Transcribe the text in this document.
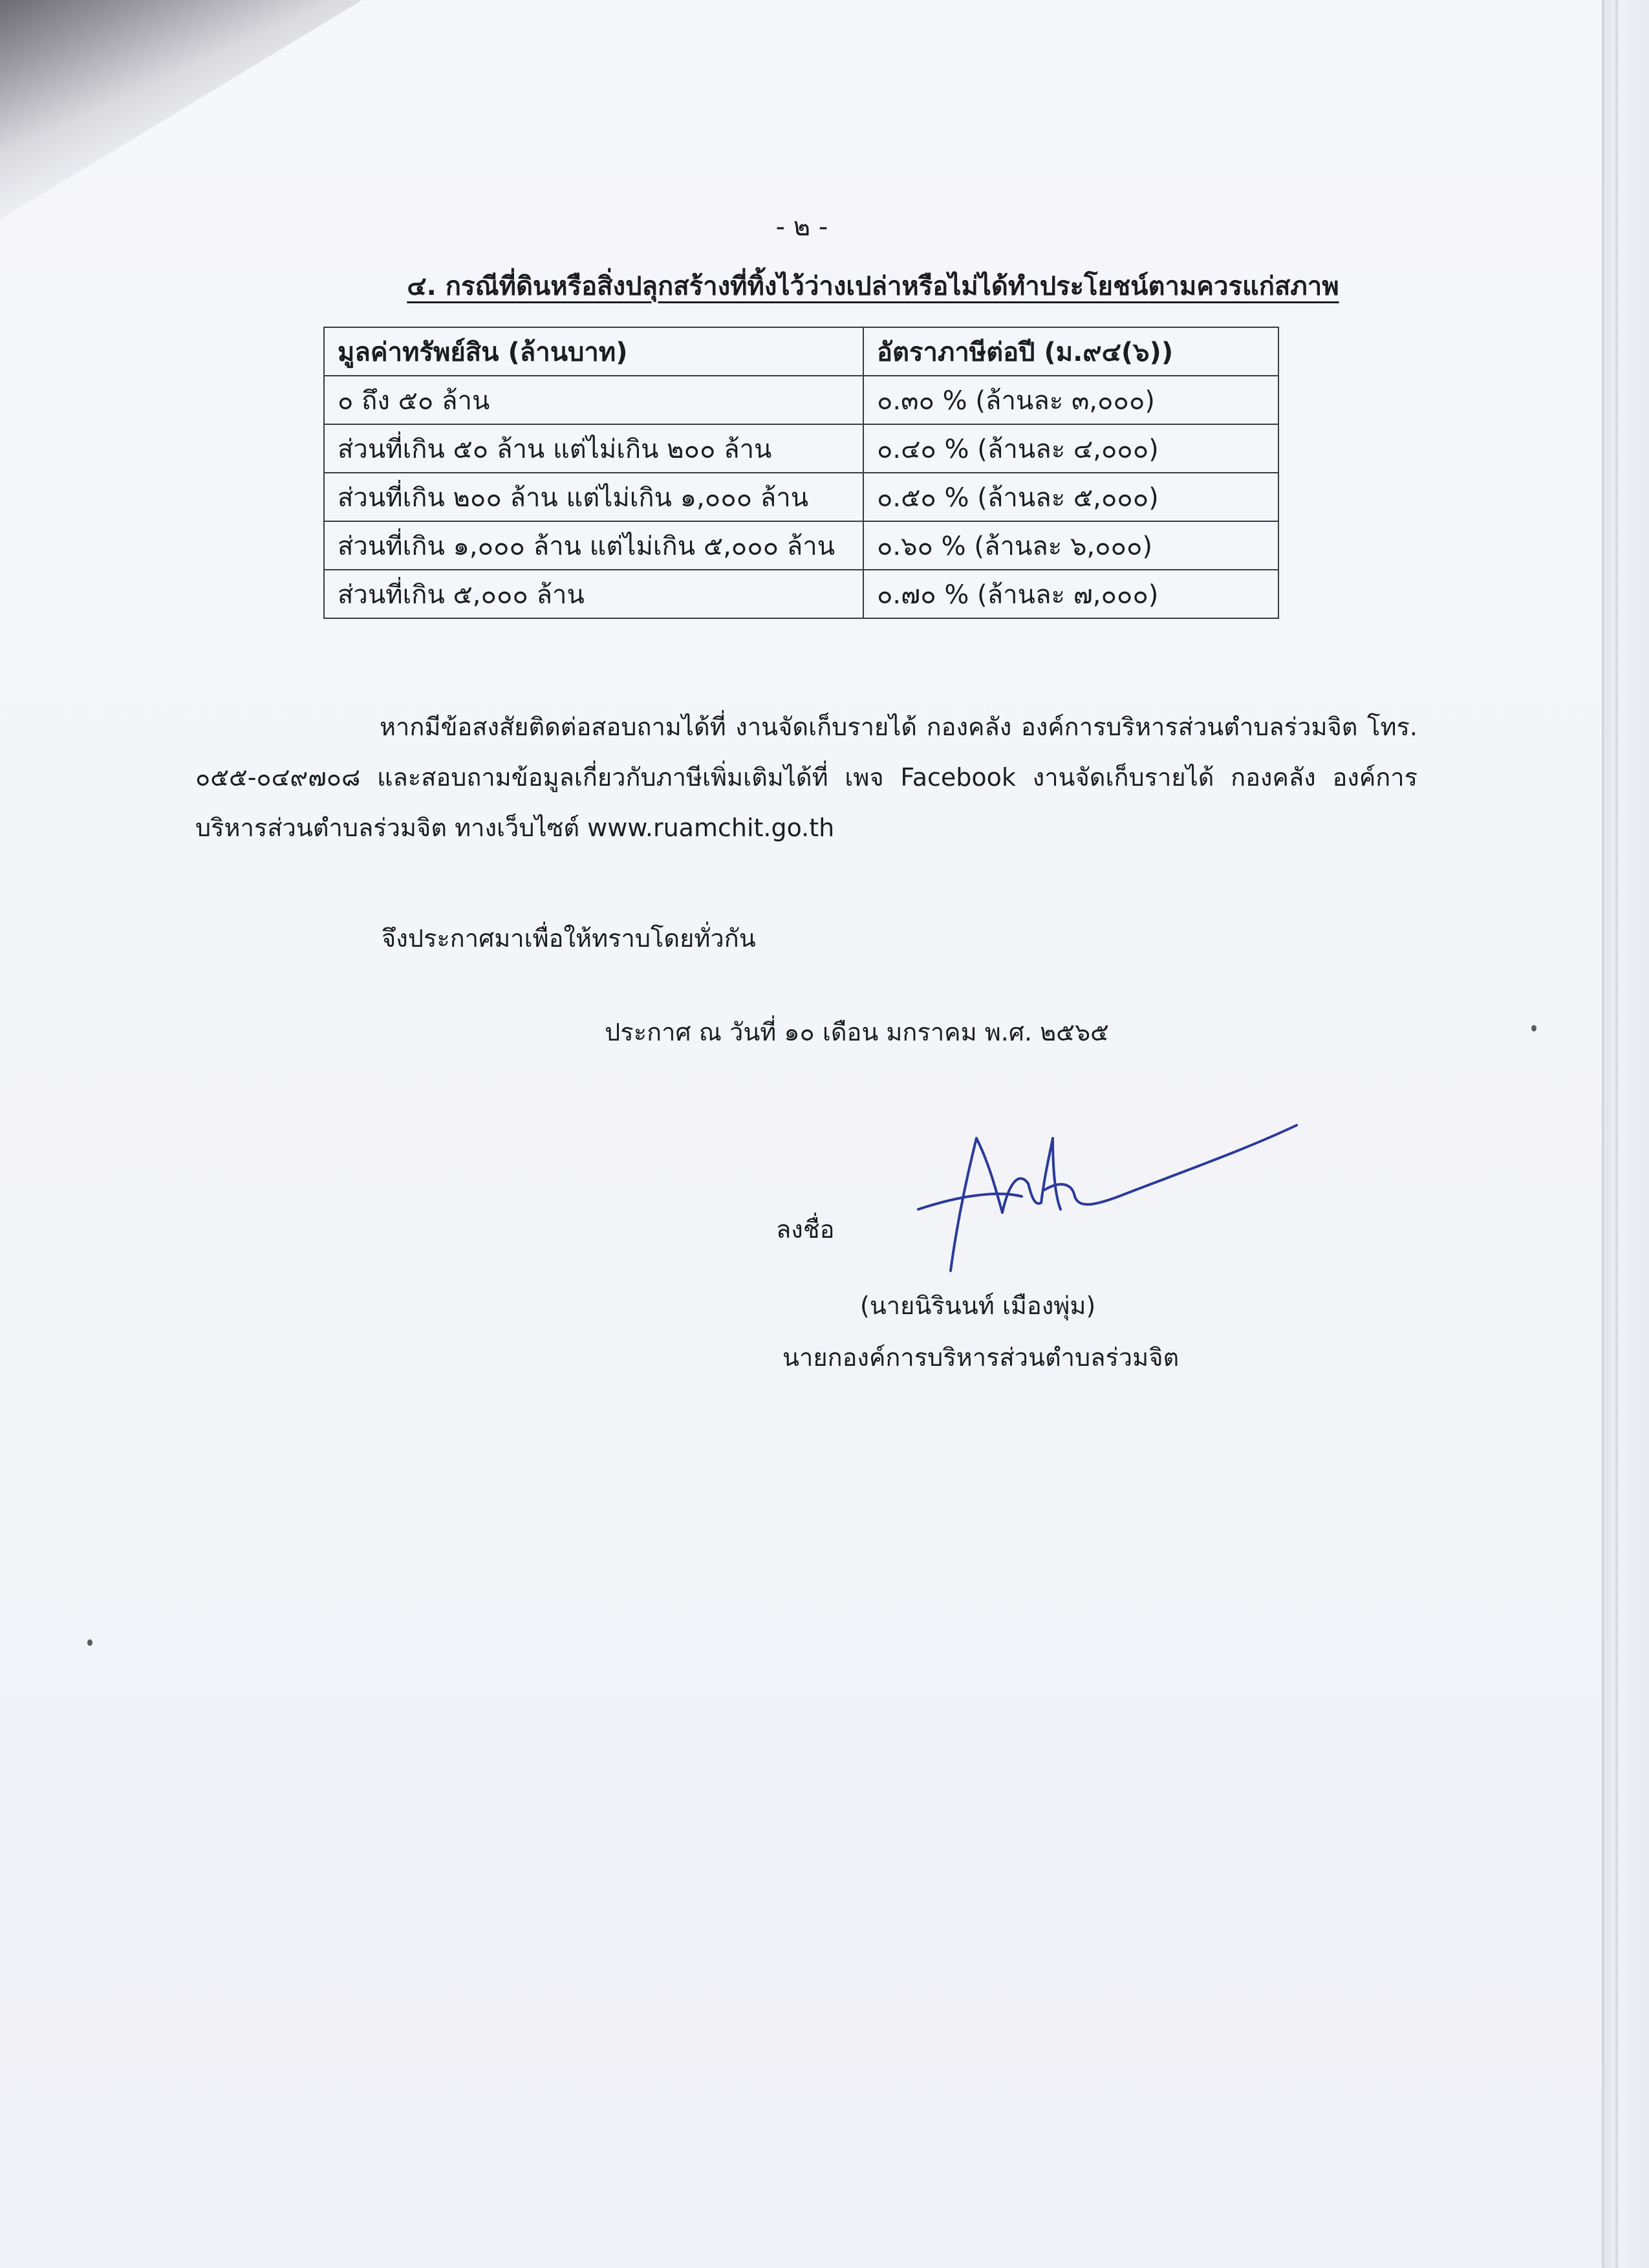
- ๒ -
๔. กรณีที่ดินหรือสิ่งปลุกสร้างที่ทิ้งไว้ว่างเปล่าหรือไม่ได้ทำประโยชน์ตามควรแก่สภาพ
มูลค่าทรัพย์สิน (ล้านบาท)	อัตราภาษีต่อปี (ม.๙๔(๖))
๐ ถึง ๕๐ ล้าน	๐.๓๐ % (ล้านละ ๓,๐๐๐)
ส่วนที่เกิน ๕๐ ล้าน แต่ไม่เกิน ๒๐๐ ล้าน	๐.๔๐ % (ล้านละ ๔,๐๐๐)
ส่วนที่เกิน ๒๐๐ ล้าน แต่ไม่เกิน ๑,๐๐๐ ล้าน	๐.๕๐ % (ล้านละ ๕,๐๐๐)
ส่วนที่เกิน ๑,๐๐๐ ล้าน แต่ไม่เกิน ๕,๐๐๐ ล้าน	๐.๖๐ % (ล้านละ ๖,๐๐๐)
ส่วนที่เกิน ๕,๐๐๐ ล้าน	๐.๗๐ % (ล้านละ ๗,๐๐๐)
หากมีข้อสงสัยติดต่อสอบถามได้ที่ งานจัดเก็บรายได้ กองคลัง องค์การบริหารส่วนตำบลร่วมจิต โทร. ๐๕๕-๐๔๙๗๐๘ และสอบถามข้อมูลเกี่ยวกับภาษีเพิ่มเติมได้ที่ เพจ Facebook งานจัดเก็บรายได้ กองคลัง องค์การบริหารส่วนตำบลร่วมจิต ทางเว็บไซต์ www.ruamchit.go.th
จึงประกาศมาเพื่อให้ทราบโดยทั่วกัน
ประกาศ ณ วันที่ ๑๐ เดือน มกราคม พ.ศ. ๒๕๖๕
ลงชื่อ
(นายนิรินนท์ เมืองพุ่ม)
นายกองค์การบริหารส่วนตำบลร่วมจิต
